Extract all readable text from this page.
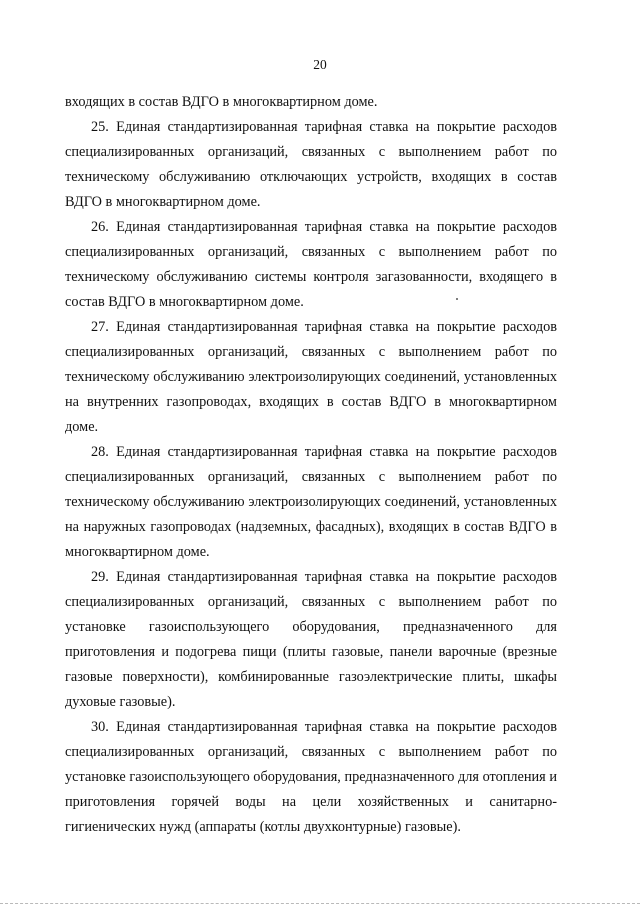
20

входящих в состав ВДГО в многоквартирном доме.

25. Единая стандартизированная тарифная ставка на покрытие расходов специализированных организаций, связанных с выполнением работ по техническому обслуживанию отключающих устройств, входящих в состав ВДГО в многоквартирном доме.

26. Единая стандартизированная тарифная ставка на покрытие расходов специализированных организаций, связанных с выполнением работ по техническому обслуживанию системы контроля загазованности, входящего в состав ВДГО в многоквартирном доме.

27. Единая стандартизированная тарифная ставка на покрытие расходов специализированных организаций, связанных с выполнением работ по техническому обслуживанию электроизолирующих соединений, установленных на внутренних газопроводах, входящих в состав ВДГО в многоквартирном доме.

28. Единая стандартизированная тарифная ставка на покрытие расходов специализированных организаций, связанных с выполнением работ по техническому обслуживанию электроизолирующих соединений, установленных на наружных газопроводах (надземных, фасадных), входящих в состав ВДГО в многоквартирном доме.

29. Единая стандартизированная тарифная ставка на покрытие расходов специализированных организаций, связанных с выполнением работ по установке газоиспользующего оборудования, предназначенного для приготовления и подогрева пищи (плиты газовые, панели варочные (врезные газовые поверхности), комбинированные газоэлектрические плиты, шкафы духовые газовые).

30. Единая стандартизированная тарифная ставка на покрытие расходов специализированных организаций, связанных с выполнением работ по установке газоиспользующего оборудования, предназначенного для отопления и приготовления горячей воды на цели хозяйственных и санитарно-гигиенических нужд (аппараты (котлы двухконтурные) газовые).
